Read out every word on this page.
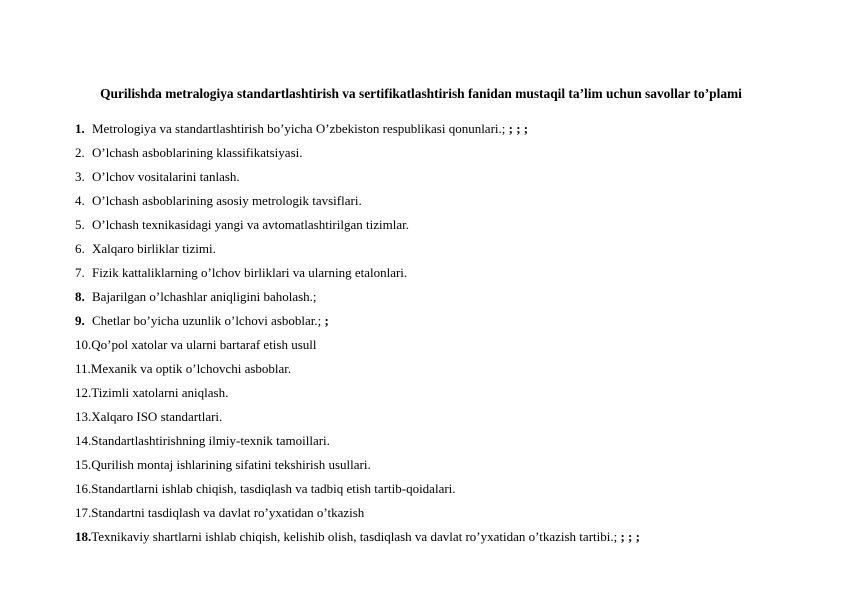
Qurilishda metralogiya standartlashtirish va sertifikatlashtirish fanidan mustaqil ta’lim uchun savollar to’plami
1. Metrologiya va standartlashtirish bo’yicha O’zbekiston respublikasi qonunlari.; ; ; ;
2. O’lchash asboblarining klassifikatsiyasi.
3. O’lchov vositalarini tanlash.
4. O’lchash asboblarining asosiy metrologik tavsiflari.
5. O’lchash texnikasidagi yangi va avtomatlashtirilgan tizimlar.
6. Xalqaro birliklar tizimi.
7. Fizik kattaliklarning o’lchov birliklari va ularning etalonlari.
8. Bajarilgan o’lchashlar aniqligini baholash.;
9. Chetlar bo’yicha uzunlik o’lchovi asboblar.; ;
10. Qo’pol xatolar va ularni bartaraf etish usull
11. Mexanik va optik o’lchovchi asboblar.
12. Tizimli xatolarni aniqlash.
13. Xalqaro ISO standartlari.
14. Standartlashtirishning ilmiy-texnik tamoillari.
15. Qurilish montaj ishlarining sifatini tekshirish usullari.
16. Standartlarni ishlab chiqish, tasdiqlash va tadbiq etish tartib-qoidalari.
17. Standartni tasdiqlash va davlat ro’yxatidan o’tkazish
18. Texnikaviy shartlarni ishlab chiqish, kelishib olish, tasdiqlash va davlat ro’yxatidan o’tkazish tartibi.; ; ; ;
